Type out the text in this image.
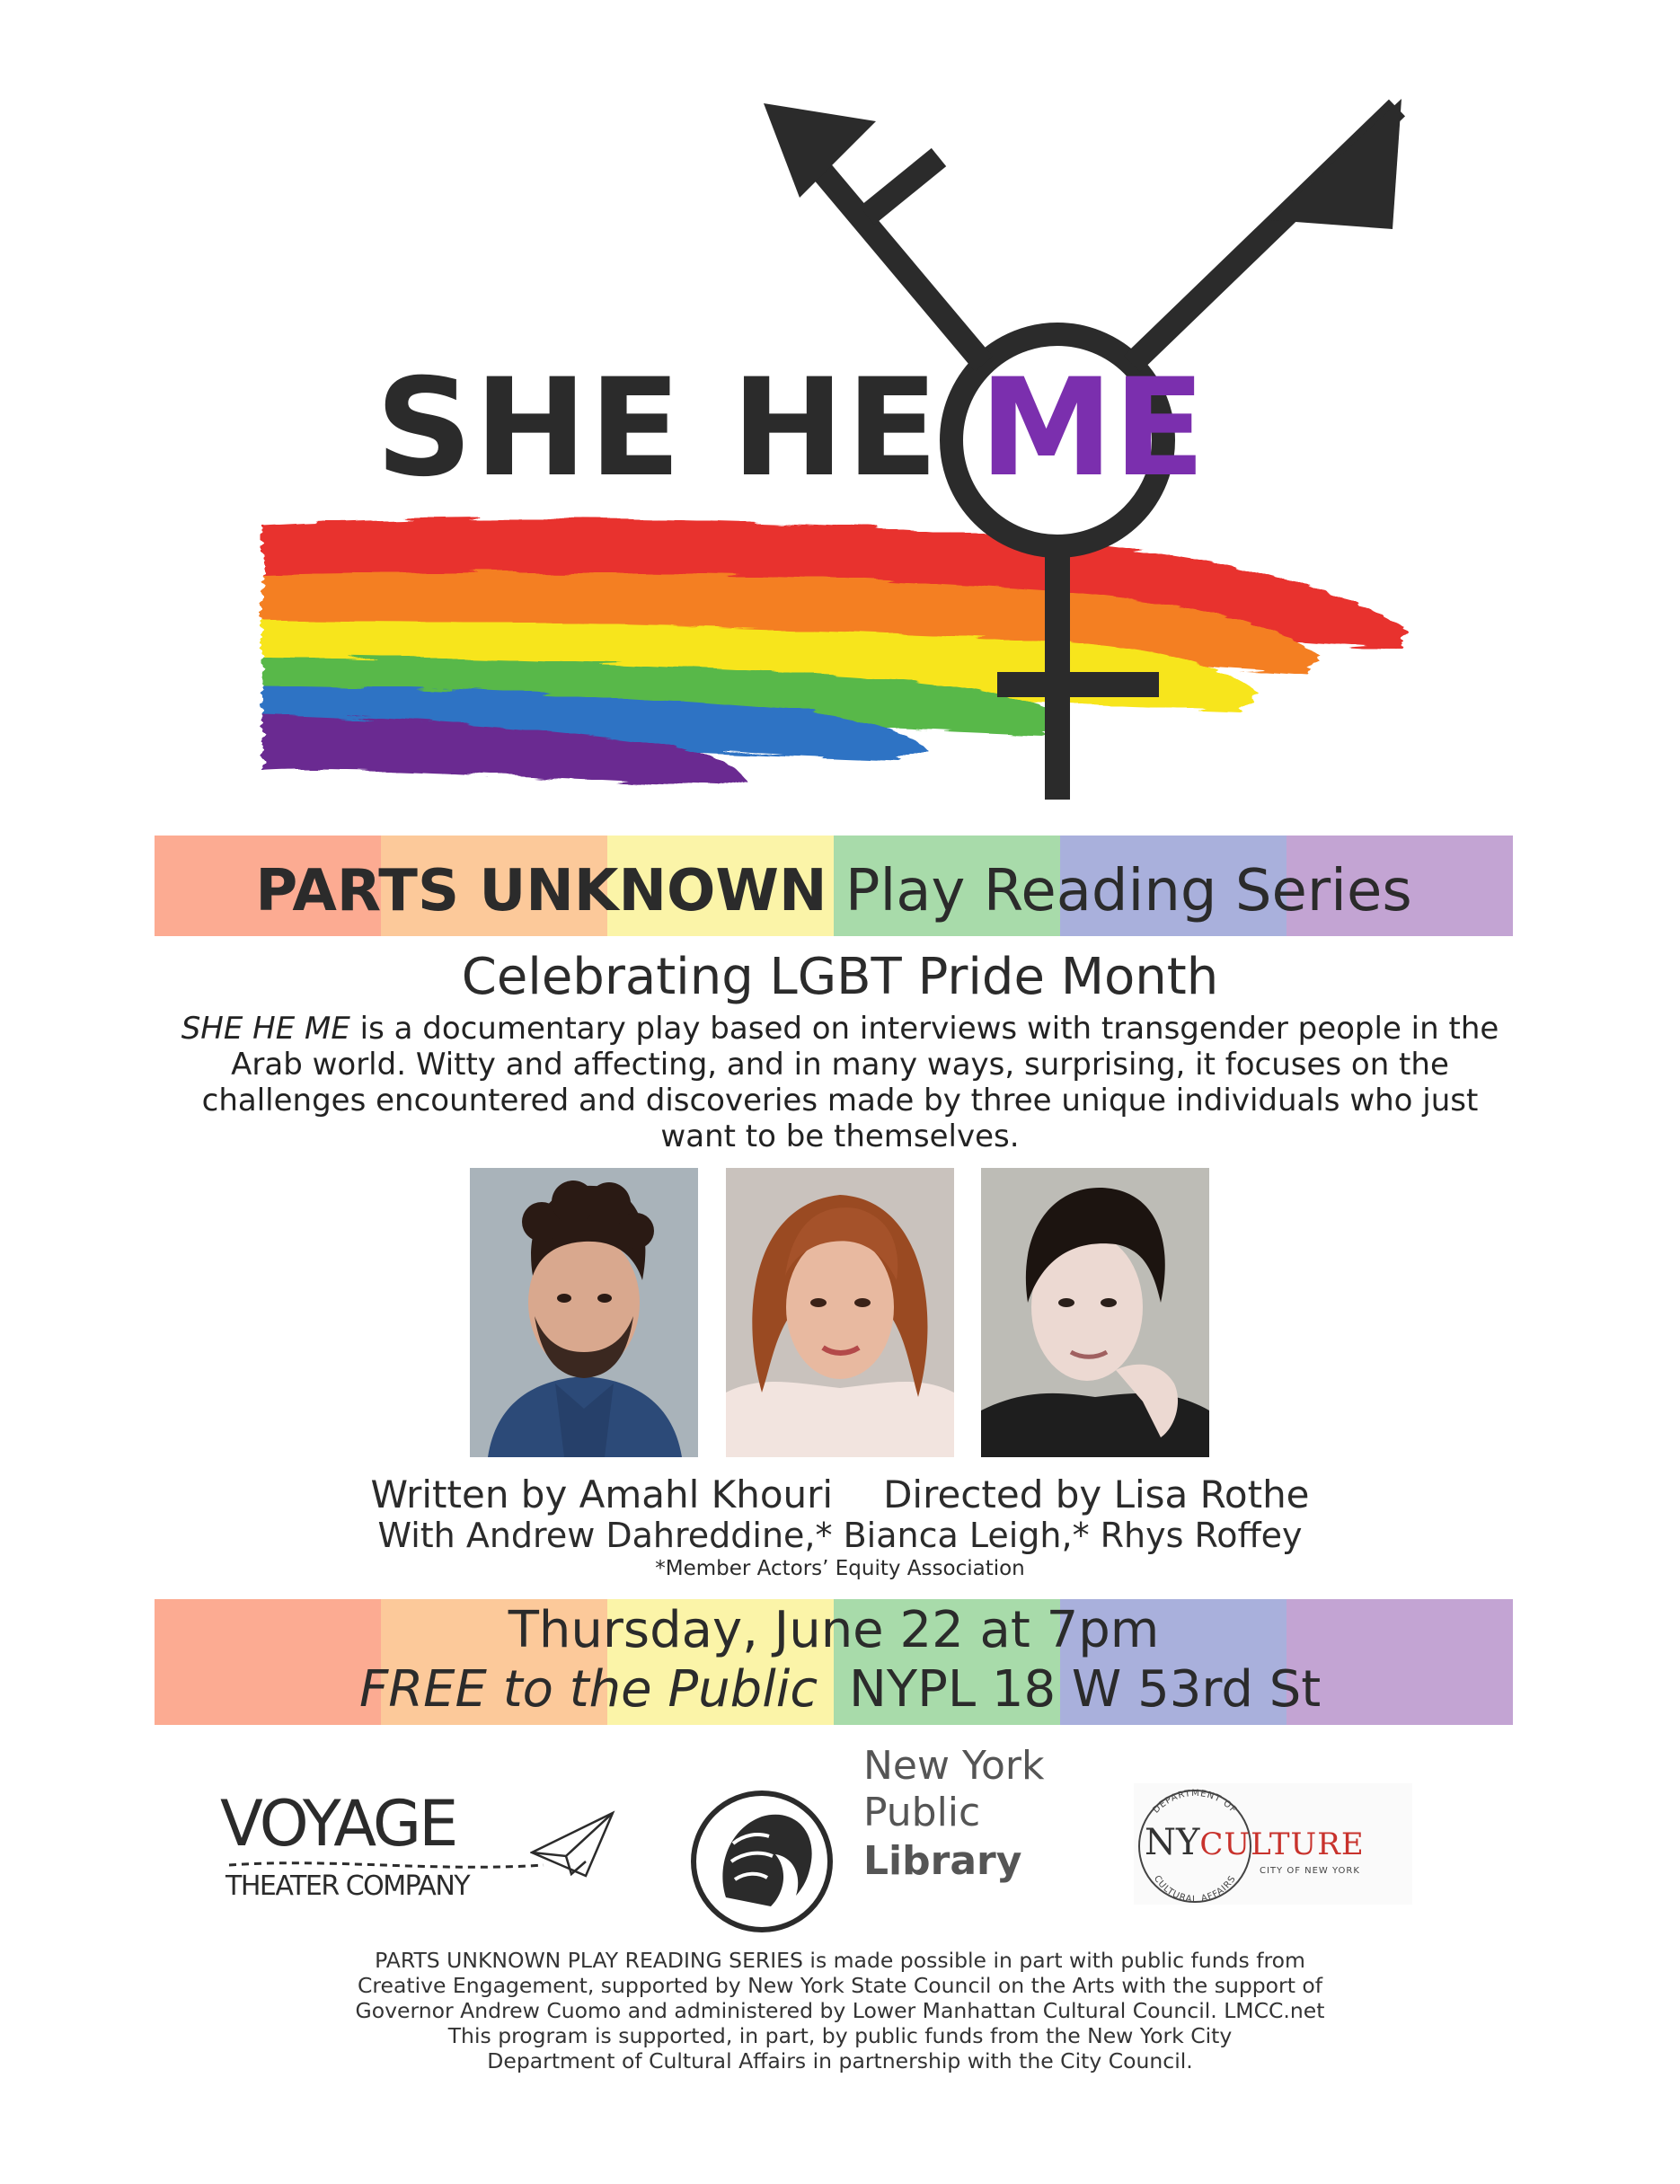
SHE HE ME
PARTS UNKNOWN Play Reading Series
Celebrating LGBT Pride Month
SHE HE ME is a documentary play based on interviews with transgender people in the Arab world. Witty and affecting, and in many ways, surprising, it focuses on the challenges encountered and discoveries made by three unique individuals who just want to be themselves.
Written by Amahl Khouri Directed by Lisa Rothe
With Andrew Dahreddine,* Bianca Leigh,* Rhys Roffey
*Member Actors’ Equity Association
Thursday, June 22 at 7pm
FREE to the Public NYPL 18 W 53rd St
VOYAGE
THEATER COMPANY
New York
Public
Library
DEPARTMENT OF
CULTURAL AFFAIRS
NYCULTURE
CITY OF NEW YORK
PARTS UNKNOWN PLAY READING SERIES is made possible in part with public funds from
Creative Engagement, supported by New York State Council on the Arts with the support of
Governor Andrew Cuomo and administered by Lower Manhattan Cultural Council. LMCC.net
This program is supported, in part, by public funds from the New York City
Department of Cultural Affairs in partnership with the City Council.
